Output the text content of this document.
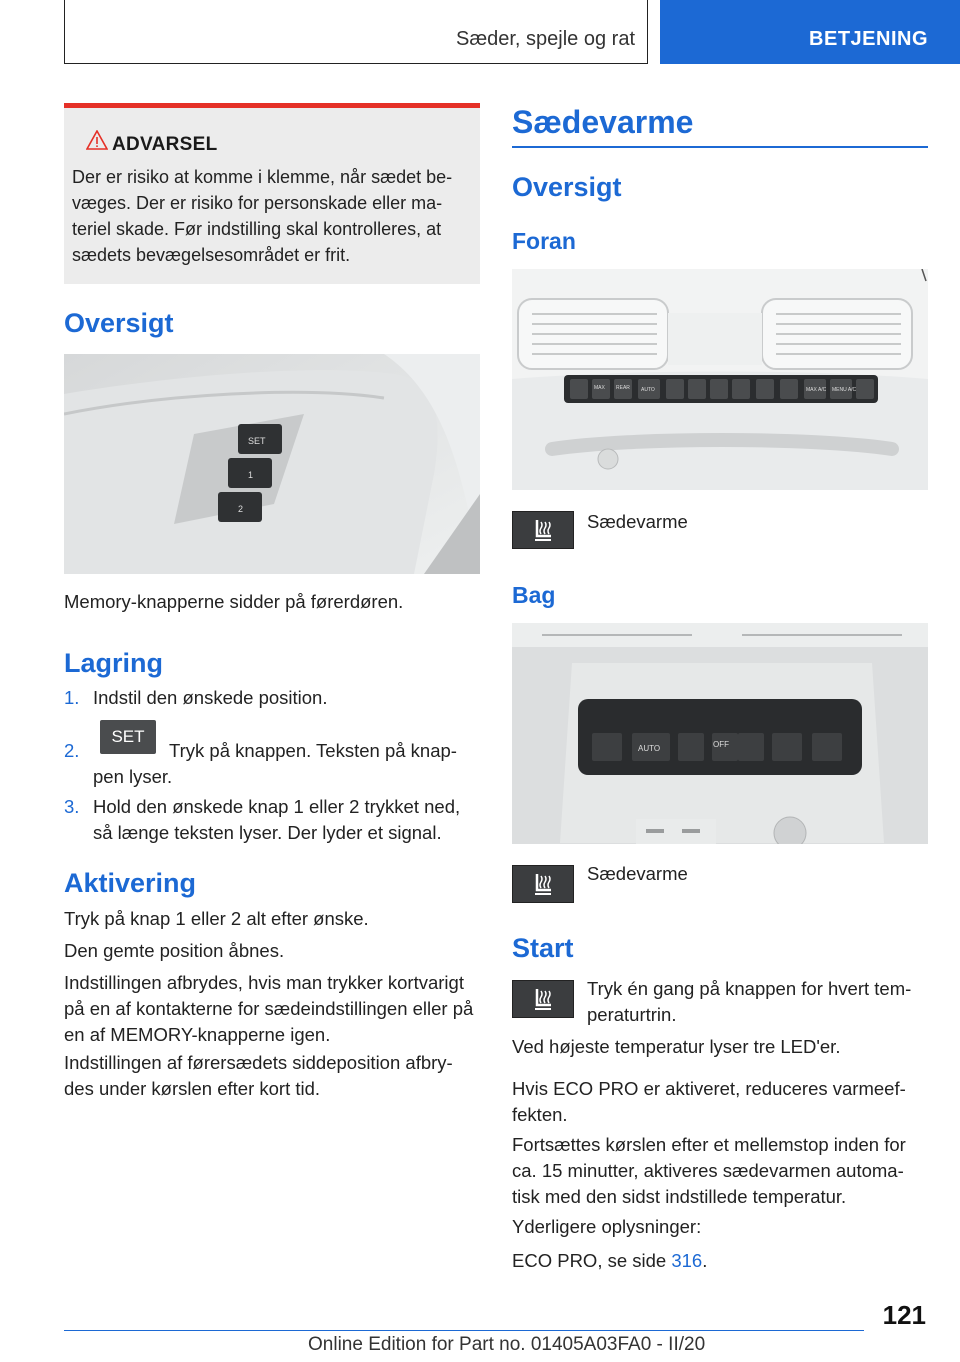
Sæder, spejle og rat	BETJENING
ADVARSEL
Der er risiko at komme i klemme, når sædet be-væges. Der er risiko for personskade eller ma-teriel skade. Før indstilling skal kontrolleres, at sædets bevægelsesområdet er frit.
Oversigt
SET
1
2

Memory-knapperne sidder på førerdøren.

Lagring
1. Indstil den ønskede position.
2.
SET
Tryk på knappen. Teksten på knap-pen lyser.
3. Hold den ønskede knap 1 eller 2 trykket ned, så længe teksten lyser. Der lyder et signal.
Aktivering

Tryk på knap 1 eller 2 alt efter ønske.

Den gemte position åbnes.

Indstillingen afbrydes, hvis man trykker kortvarigt på en af kontakterne for sædeindstillingen eller på en af MEMORY-knapperne igen.

Indstillingen af førersædets siddeposition afbry-des under kørslen efter kort tid.

Sædevarme
Oversigt
Foran
MAX REAR AUTO	MAX A/C MENU A/C

Sædevarme

Bag
AUTO	OFF

Sædevarme

Start

Tryk én gang på knappen for hvert tem-peraturtrin.

Ved højeste temperatur lyser tre LED'er.

Hvis ECO PRO er aktiveret, reduceres varmeef-fekten.

Fortsættes kørslen efter et mellemstop inden for ca. 15 minutter, aktiveres sædevarmen automa-tisk med den sidst indstillede temperatur.

Yderligere oplysninger:

ECO PRO, se side 316.

121
Online Edition for Part no. 01405A03FA0 - II/20
